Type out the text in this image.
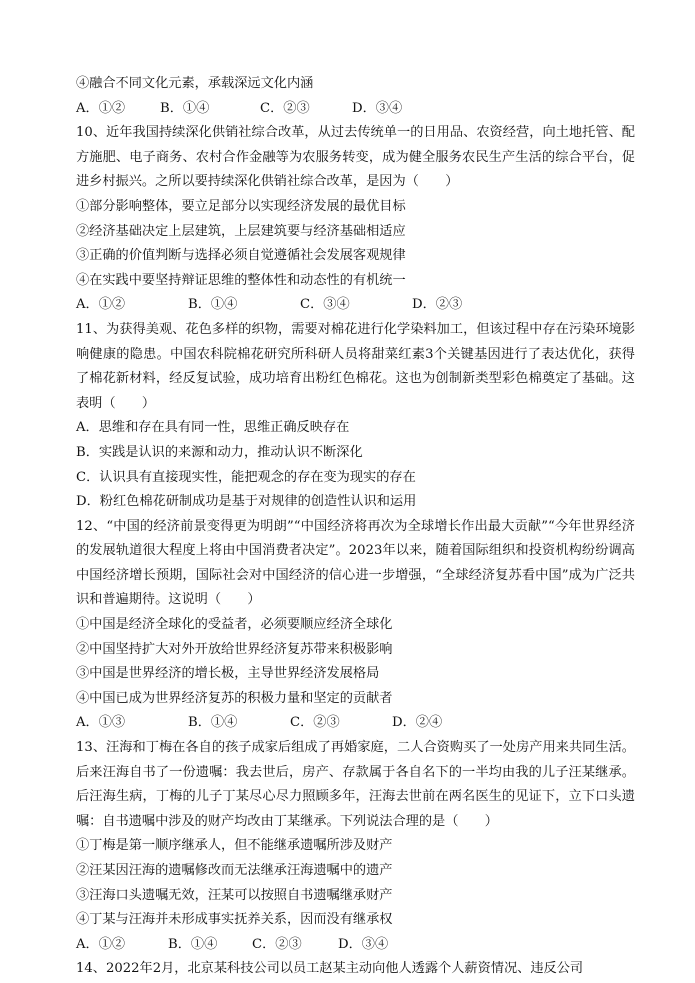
④融合不同文化元素，承载深远文化内涵
A．①②	B．①④	C．②③	D．③④
10、近年我国持续深化供销社综合改革，从过去传统单一的日用品、农资经营，向土地托管、配方施肥、电子商务、农村合作金融等为农服务转变，成为健全服务农民生产生活的综合平台，促进乡村振兴。之所以要持续深化供销社综合改革，是因为（　　）
①部分影响整体，要立足部分以实现经济发展的最优目标
②经济基础决定上层建筑，上层建筑要与经济基础相适应
③正确的价值判断与选择必须自觉遵循社会发展客观规律
④在实践中要坚持辩证思维的整体性和动态性的有机统一
A．①②	B．①④	C．③④	D．②③
11、为获得美观、花色多样的织物，需要对棉花进行化学染料加工，但该过程中存在污染环境影响健康的隐患。中国农科院棉花研究所科研人员将甜菜红素3个关键基因进行了表达优化，获得了棉花新材料，经反复试验，成功培育出粉红色棉花。这也为创制新类型彩色棉奠定了基础。这表明（　　）
A．思维和存在具有同一性，思维正确反映存在
B．实践是认识的来源和动力，推动认识不断深化
C．认识具有直接现实性，能把观念的存在变为现实的存在
D．粉红色棉花研制成功是基于对规律的创造性认识和运用
12、“中国的经济前景变得更为明朗”“中国经济将再次为全球增长作出最大贡献”“今年世界经济的发展轨道很大程度上将由中国消费者决定”。2023年以来，随着国际组织和投资机构纷纷调高中国经济增长预期，国际社会对中国经济的信心进一步增强，“全球经济复苏看中国”成为广泛共识和普遍期待。这说明（　　）
①中国是经济全球化的受益者，必须要顺应经济全球化
②中国坚持扩大对外开放给世界经济复苏带来积极影响
③中国是世界经济的增长极，主导世界经济发展格局
④中国已成为世界经济复苏的积极力量和坚定的贡献者
A．①③	B．①④	C．②③	D．②④
13、汪海和丁梅在各自的孩子成家后组成了再婚家庭，二人合资购买了一处房产用来共同生活。后来汪海自书了一份遗嘱：我去世后，房产、存款属于各自名下的一半均由我的儿子汪某继承。后汪海生病，丁梅的儿子丁某尽心尽力照顾多年，汪海去世前在两名医生的见证下，立下口头遗嘱：自书遗嘱中涉及的财产均改由丁某继承。下列说法合理的是（　　）
①丁梅是第一顺序继承人，但不能继承遗嘱所涉及财产
②汪某因汪海的遗嘱修改而无法继承汪海遗嘱中的遗产
③汪海口头遗嘱无效，汪某可以按照自书遗嘱继承财产
④丁某与汪海并未形成事实抚养关系，因而没有继承权
A．①②	B．①④	C．②③	D．③④
14、2022年2月，北京某科技公司以员工赵某主动向他人透露个人薪资情况、违反公司
